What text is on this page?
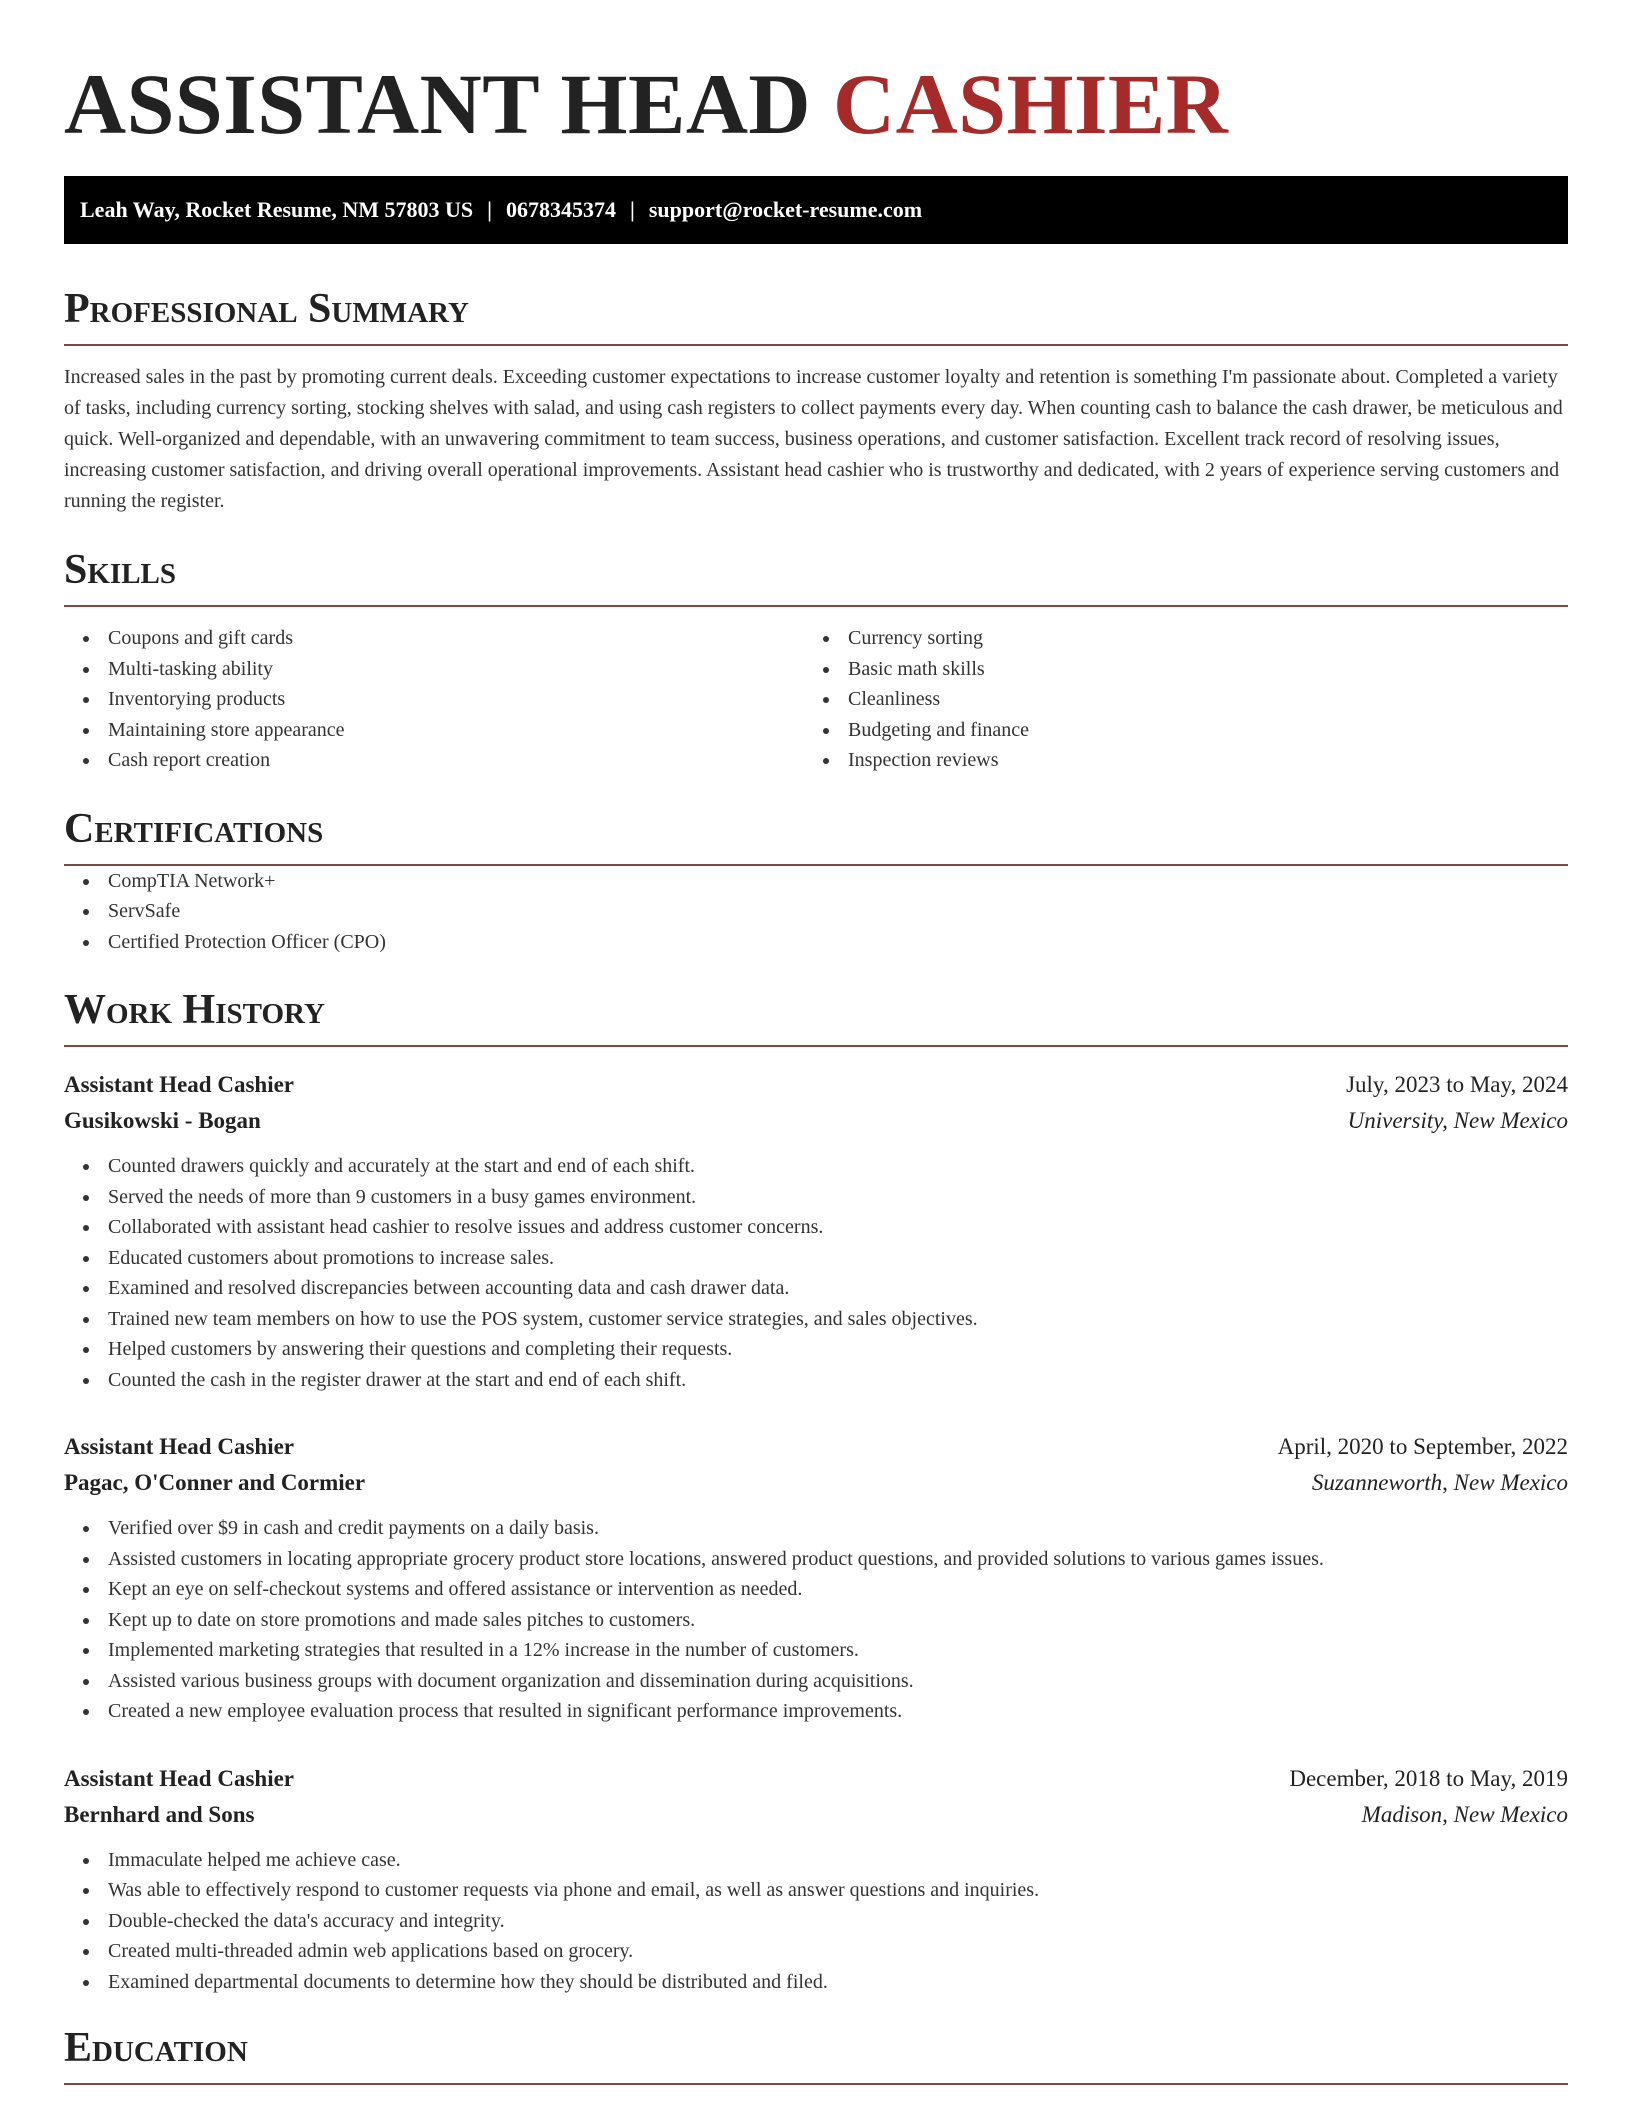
ASSISTANT HEAD CASHIER
Leah Way, Rocket Resume, NM 57803 US | 0678345374 | support@rocket-resume.com
Professional Summary

Increased sales in the past by promoting current deals. Exceeding customer expectations to increase customer loyalty and retention is something I'm passionate about. Completed a variety of tasks, including currency sorting, stocking shelves with salad, and using cash registers to collect payments every day. When counting cash to balance the cash drawer, be meticulous and quick. Well-organized and dependable, with an unwavering commitment to team success, business operations, and customer satisfaction. Excellent track record of resolving issues, increasing customer satisfaction, and driving overall operational improvements. Assistant head cashier who is trustworthy and dedicated, with 2 years of experience serving customers and running the register.

Skills
Coupons and gift cards
Multi-tasking ability
Inventorying products
Maintaining store appearance
Cash report creation
Currency sorting
Basic math skills
Cleanliness
Budgeting and finance
Inspection reviews
Certifications
CompTIA Network+
ServSafe
Certified Protection Officer (CPO)
Work History
Assistant Head Cashier	July, 2023 to May, 2024
Gusikowski - Bogan	University, New Mexico
Counted drawers quickly and accurately at the start and end of each shift.
Served the needs of more than 9 customers in a busy games environment.
Collaborated with assistant head cashier to resolve issues and address customer concerns.
Educated customers about promotions to increase sales.
Examined and resolved discrepancies between accounting data and cash drawer data.
Trained new team members on how to use the POS system, customer service strategies, and sales objectives.
Helped customers by answering their questions and completing their requests.
Counted the cash in the register drawer at the start and end of each shift.
Assistant Head Cashier	April, 2020 to September, 2022
Pagac, O'Conner and Cormier	Suzanneworth, New Mexico
Verified over $9 in cash and credit payments on a daily basis.
Assisted customers in locating appropriate grocery product store locations, answered product questions, and provided solutions to various games issues.
Kept an eye on self-checkout systems and offered assistance or intervention as needed.
Kept up to date on store promotions and made sales pitches to customers.
Implemented marketing strategies that resulted in a 12% increase in the number of customers.
Assisted various business groups with document organization and dissemination during acquisitions.
Created a new employee evaluation process that resulted in significant performance improvements.
Assistant Head Cashier	December, 2018 to May, 2019
Bernhard and Sons	Madison, New Mexico
Immaculate helped me achieve case.
Was able to effectively respond to customer requests via phone and email, as well as answer questions and inquiries.
Double-checked the data's accuracy and integrity.
Created multi-threaded admin web applications based on grocery.
Examined departmental documents to determine how they should be distributed and filed.
Education
